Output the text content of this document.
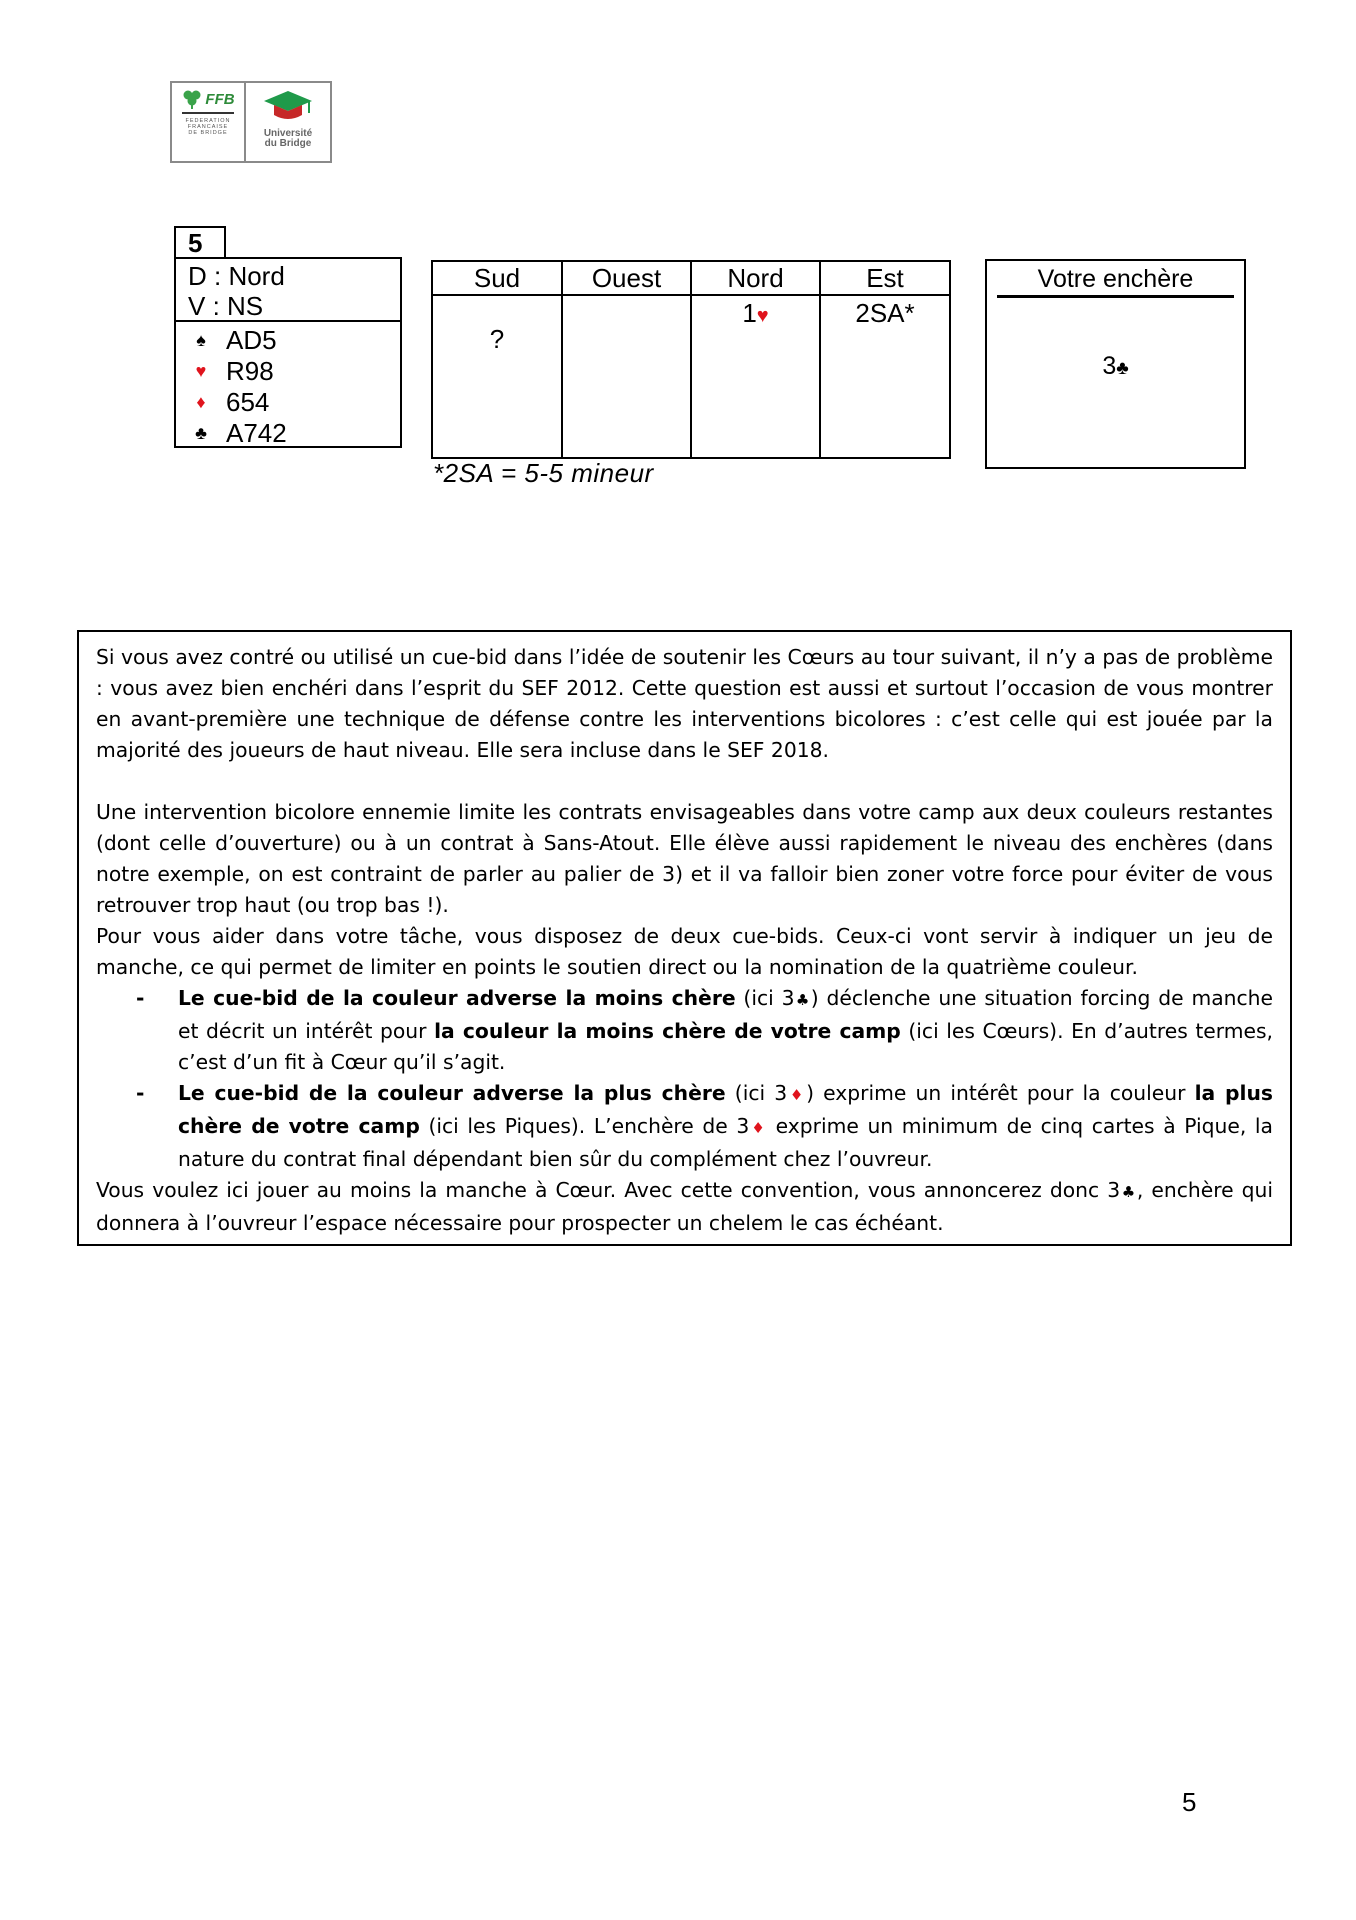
FFB
FEDERATION
FRANCAISE
DE BRIDGE	Université
du Bridge
5
D : Nord
V : NS
♠ AD5
♥ R98
♦ 654
♣ A742
Sud	Ouest	Nord	Est

?		1♥	2SA*
*2SA = 5-5 mineur
Votre enchère
3♣

Si vous avez contré ou utilisé un cue-bid dans l’idée de soutenir les Cœurs au tour suivant, il n’y a pas de problème : vous avez bien enchéri dans l’esprit du SEF 2012. Cette question est aussi et surtout l’occasion de vous montrer en avant-première une technique de défense contre les interventions bicolores : c’est celle qui est jouée par la majorité des joueurs de haut niveau. Elle sera incluse dans le SEF 2018.

Une intervention bicolore ennemie limite les contrats envisageables dans votre camp aux deux couleurs restantes (dont celle d’ouverture) ou à un contrat à Sans-Atout. Elle élève aussi rapidement le niveau des enchères (dans notre exemple, on est contraint de parler au palier de 3) et il va falloir bien zoner votre force pour éviter de vous retrouver trop haut (ou trop bas !).

Pour vous aider dans votre tâche, vous disposez de deux cue-bids. Ceux-ci vont servir à indiquer un jeu de manche, ce qui permet de limiter en points le soutien direct ou la nomination de la quatrième couleur.

- Le cue-bid de la couleur adverse la moins chère (ici 3♣) déclenche une situation forcing de manche et décrit un intérêt pour la couleur la moins chère de votre camp (ici les Cœurs). En d’autres termes, c’est d’un fit à Cœur qu’il s’agit.
- Le cue-bid de la couleur adverse la plus chère (ici 3♦) exprime un intérêt pour la couleur la plus chère de votre camp (ici les Piques). L’enchère de 3♦ exprime un minimum de cinq cartes à Pique, la nature du contrat final dépendant bien sûr du complément chez l’ouvreur.

Vous voulez ici jouer au moins la manche à Cœur. Avec cette convention, vous annoncerez donc 3♣, enchère qui donnera à l’ouvreur l’espace nécessaire pour prospecter un chelem le cas échéant.

5
